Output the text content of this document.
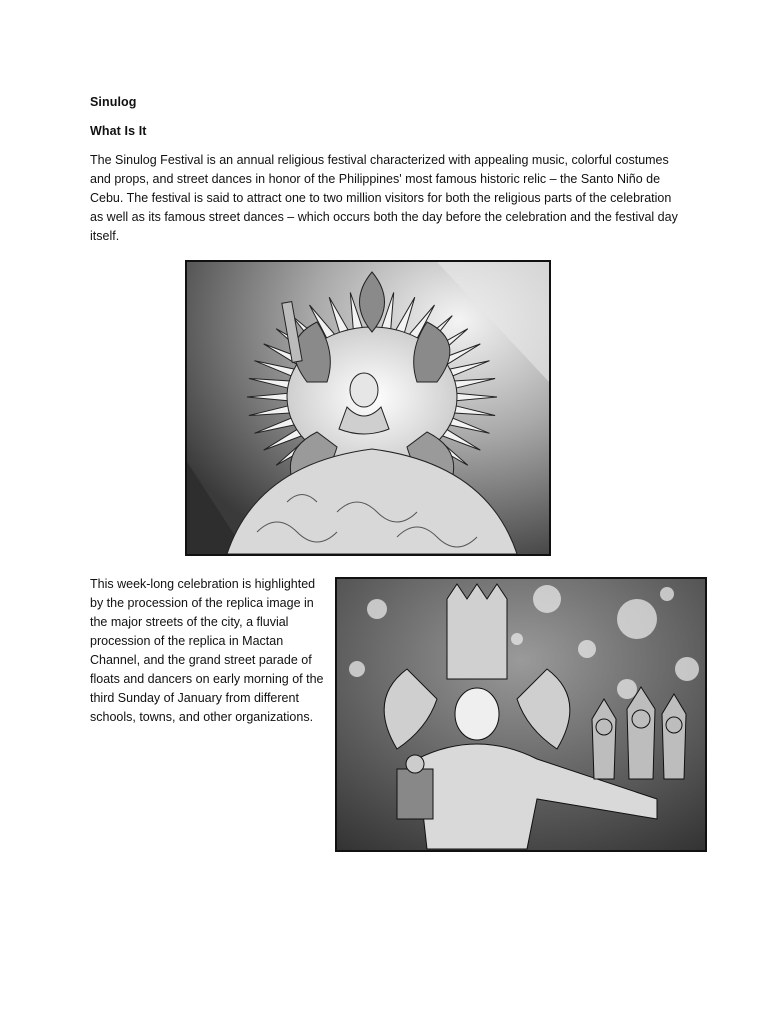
Sinulog
What Is It

The Sinulog Festival is an annual religious festival characterized with appealing music, colorful costumes and props, and street dances in honor of the Philippines' most famous historic relic – the Santo Niño de Cebu. The festival is said to attract one to two million visitors for both the religious parts of the celebration as well as its famous street dances – which occurs both the day before the celebration and the festival day itself.

This week-long celebration is highlighted by the procession of the replica image in the major streets of the city, a fluvial procession of the replica in Mactan Channel, and the grand street parade of floats and dancers on early morning of the third Sunday of January from different schools, towns, and other organizations.
